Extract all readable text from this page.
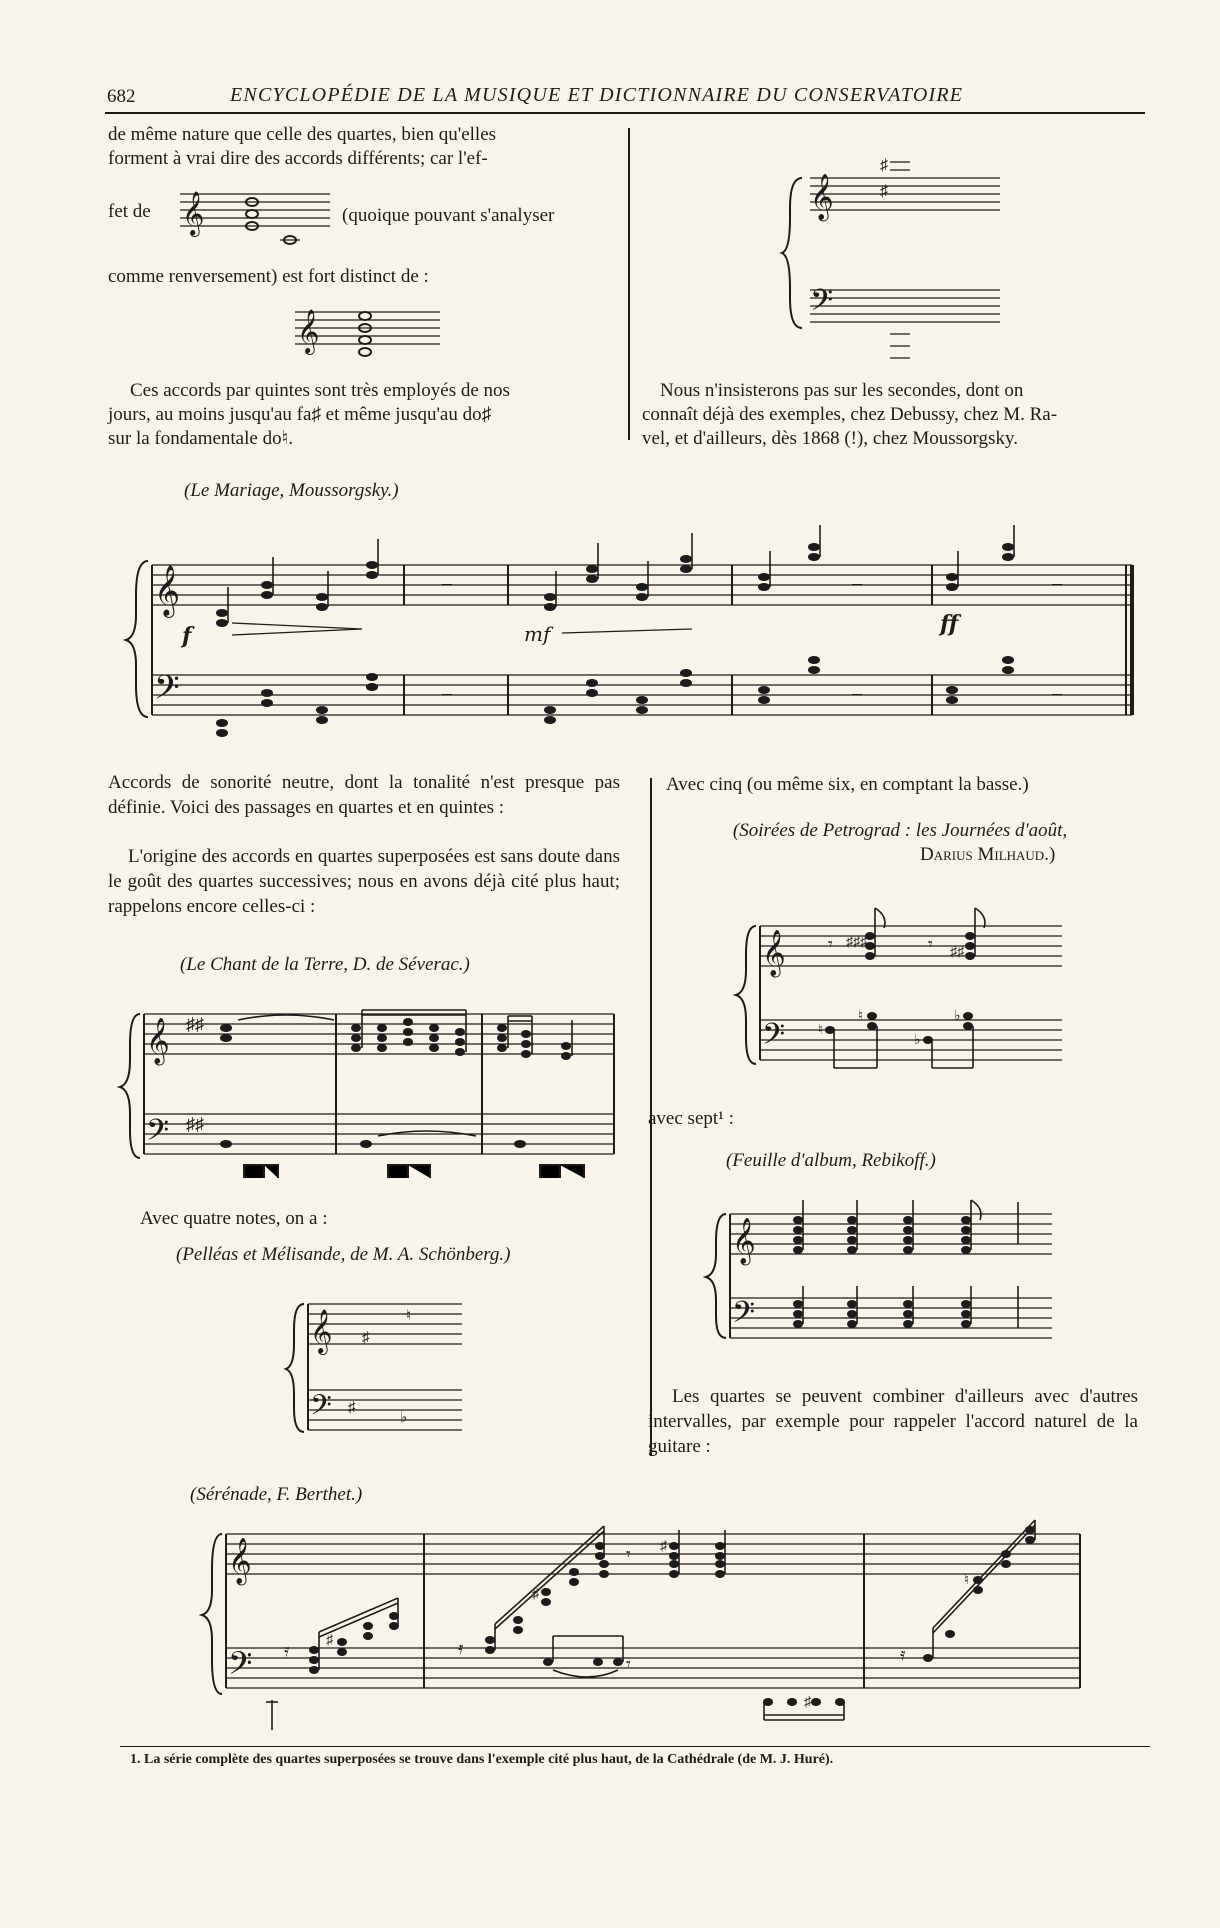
682	ENCYCLOPÉDIE DE LA MUSIQUE ET DICTIONNAIRE DU CONSERVATOIRE
de même nature que celle des quartes, bien qu'elles
forment à vrai dire des accords différents; car l'ef-
fet de	(quoique pouvant s'analyser
comme renversement) est fort distinct de :
Ces accords par quintes sont très employés de nos
jours, au moins jusqu'au fa♯ et même jusqu'au do♯
sur la fondamentale do♮.
𝄞
𝄞
𝄞
𝄢
♯
♯
Nous n'insisterons pas sur les secondes, dont on
connaît déjà des exemples, chez Debussy, chez M. Ra-
vel, et d'ailleurs, dès 1868 (!), chez Moussorgsky.
(Le Mariage, Moussorgsky.)
𝄞
𝄢
–	–	–
–	–	–
f	mf	ff
Accords de sonorité neutre, dont la tonalité n'est presque pas définie. Voici des passages en quartes et en quintes :
L'origine des accords en quartes superposées est sans doute dans le goût des quartes successives; nous en avons déjà cité plus haut; rappelons encore celles-ci :
(Le Chant de la Terre, D. de Séverac.)
𝄞
𝄢
♯♯
♯♯
Avec quatre notes, on a :
(Pelléas et Mélisande, de M. A. Schönberg.)
𝄞
𝄢
♯
♮
♯
♭
Avec cinq (ou même six, en comptant la basse.)
(Soirées de Petrograd : les Journées d'août,
Darius Milhaud.)
𝄞
𝄢
𝄾	𝄾
♯♯♯
♯♯
♮
♮
♭
♭
avec sept¹ :
(Feuille d'album, Rebikoff.)
𝄞
𝄢
Les quartes se peuvent combiner d'ailleurs avec d'autres intervalles, par exemple pour rappeler l'accord naturel de la guitare :
(Sérénade, F. Berthet.)
𝄞
𝄢 𝄿	𝄿
𝄾
𝄾	𝄿
♯
♯
♯
♯
♮
1. La série complète des quartes superposées se trouve dans l'exemple cité plus haut, de la Cathédrale (de M. J. Huré).
